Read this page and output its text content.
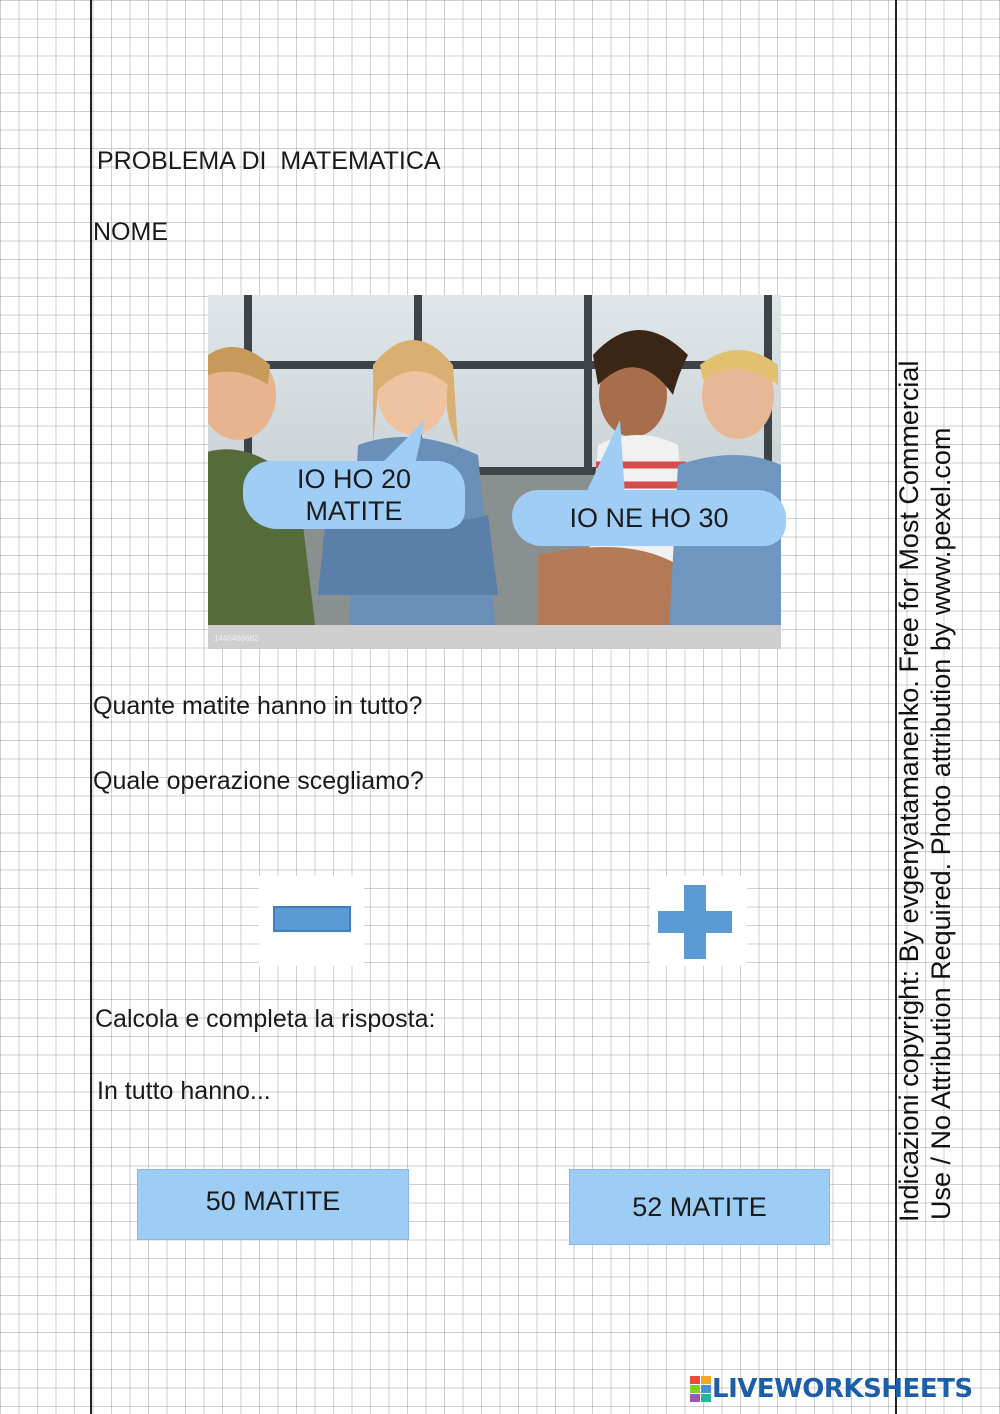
PROBLEMA DI  MATEMATICA
NOME
1446488662
IO HO 20 MATITE	IO NE HO 30
Quante matite hanno in tutto?
Quale operazione scegliamo?
Calcola e completa la risposta:
In tutto hanno...
50 MATITE	52 MATITE	Indicazioni copyright: By evgenyatamanenko. Free for Most Commercial Use / No Attribution Required. Photo attribution by www.pexel.com
LIVEWORKSHEETS
